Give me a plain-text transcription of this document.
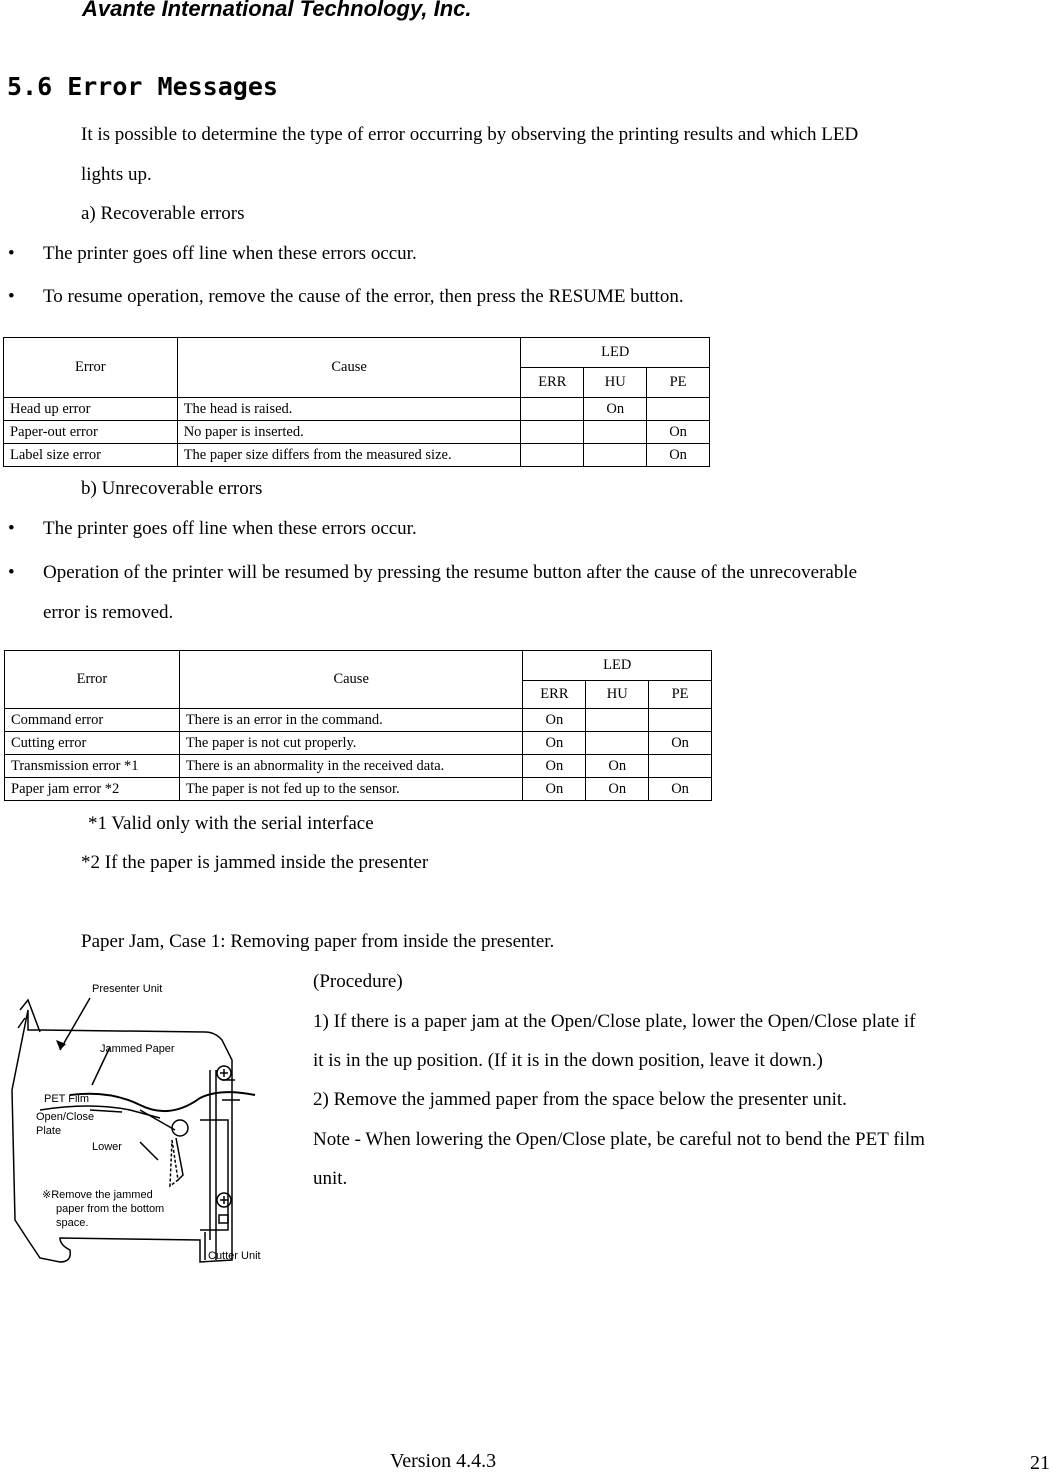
Avante International Technology, Inc.
5.6 Error Messages
It is possible to determine the type of error occurring by observing the printing results and which LED
lights up.
a) Recoverable errors
• The printer goes off line when these errors occur.
• To resume operation, remove the cause of the error, then press the RESUME button.
Error	Cause	LED		
		ERR	HU	PE
Head up error	The head is raised.		On	
Paper-out error	No paper is inserted.			On
Label size error	The paper size differs from the measured size.			On
b) Unrecoverable errors
• The printer goes off line when these errors occur.
• Operation of the printer will be resumed by pressing the resume button after the cause of the unrecoverable
error is removed.
Error	Cause	LED		
		ERR	HU	PE
Command error	There is an error in the command.	On		
Cutting error	The paper is not cut properly.	On		On
Transmission error *1	There is an abnormality in the received data.	On	On	
Paper jam error *2	The paper is not fed up to the sensor.	On	On	On
*1 Valid only with the serial interface
*2 If the paper is jammed inside the presenter
Paper Jam, Case 1: Removing paper from inside the presenter.
(Procedure)
1) If there is a paper jam at the Open/Close plate, lower the Open/Close plate if
it is in the up position. (If it is in the down position, leave it down.)
2) Remove the jammed paper from the space below the presenter unit.
Note - When lowering the Open/Close plate, be careful not to bend the PET film
unit.
Presenter Unit
Jammed Paper
PET Film
Open/Close
Plate
Lower
※Remove the jammed
paper from the bottom
space.
Cutter Unit
Version 4.4.3	21
